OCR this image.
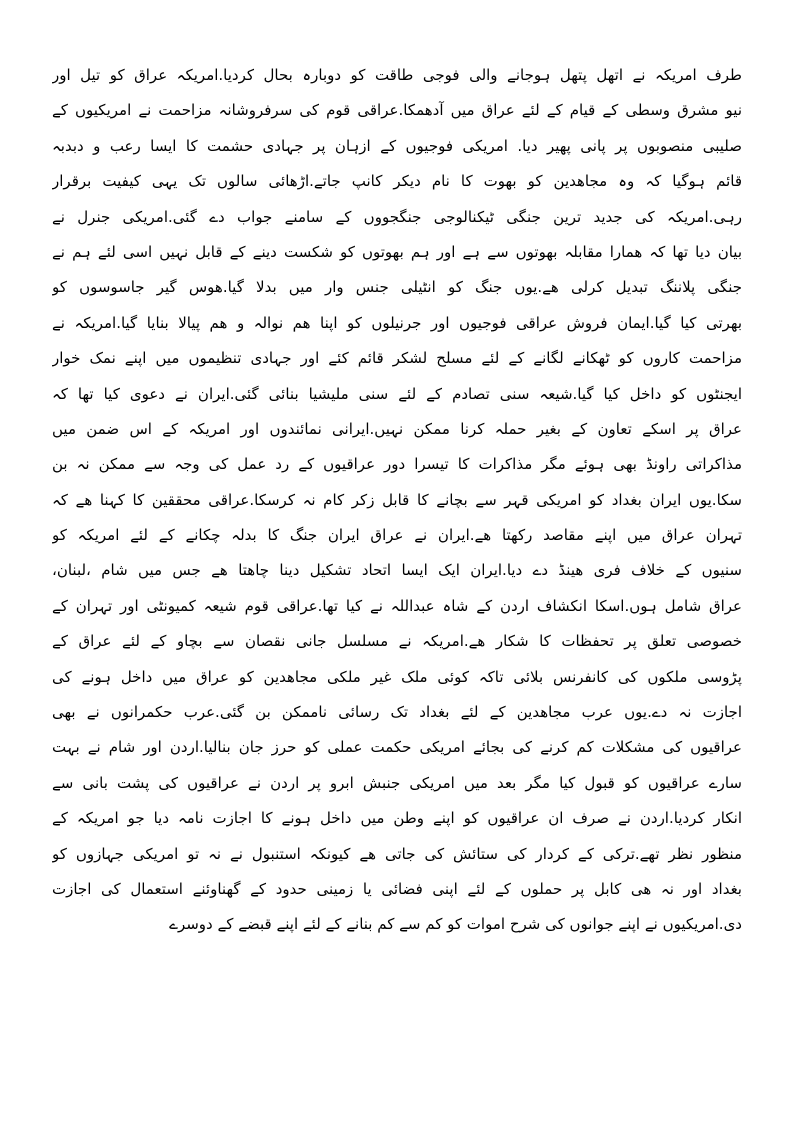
طرف امریکہ نے اتھل پتھل ہوجانے والی فوجی طاقت کو دوبارہ بحال کردیا.امریکہ عراق کو تیل اور

نیو مشرق وسطی کے قیام کے لئے عراق میں آدھمکا.عراقی قوم کی سرفروشانہ مزاحمت نے امریکیوں کے

صلیبی منصوبوں پر پانی پھیر دیا. امریکی فوجیوں کے ازہان پر جہادی حشمت کا ایسا رعب و دبدبہ

قائم ہوگیا کہ وہ مجاھدین کو بھوت کا نام دیکر کانپ جاتے.اڑھائی سالوں تک یہی کیفیت برقرار

رہی.امریکہ کی جدید ترین جنگی ٹیکنالوجی جنگجووں کے سامنے جواب دے گئی.امریکی جنرل نے

بیان دیا تھا کہ ھمارا مقابلہ بھوتوں سے ہے اور ہم بھوتوں کو شکست دینے کے قابل نہیں اسی لئے ہم نے

جنگی پلاننگ تبدیل کرلی ھے.یوں جنگ کو انٹیلی جنس وار میں بدلا گیا.ھوس گیر جاسوسوں کو

بھرتی کیا گیا.ایمان فروش عراقی فوجیوں اور جرنیلوں کو اپنا ھم نوالہ و ھم پیالا بنایا گیا.امریکہ نے

مزاحمت کاروں کو ٹھکانے لگانے کے لئے مسلح لشکر قائم کئے اور جہادی تنظیموں میں اپنے نمک خوار

ایجنٹوں کو داخل کیا گیا.شیعہ سنی تصادم کے لئے سنی ملیشیا بنائی گئی.ایران نے دعوی کیا تھا کہ

عراق پر اسکے تعاون کے بغیر حملہ کرنا ممکن نہیں.ایرانی نمائندوں اور امریکہ کے اس ضمن میں

مذاکراتی راونڈ بھی ہوئے مگر مذاکرات کا تیسرا دور عراقیوں کے رد عمل کی وجہ سے ممکن نہ بن

سکا.یوں ایران بغداد کو امریکی قہر سے بچانے کا قابل زکر کام نہ کرسکا.عراقی محققین کا کہنا ھے کہ

تہران عراق میں اپنے مقاصد رکھتا ھے.ایران نے عراق ایران جنگ کا بدلہ چکانے کے لئے امریکہ کو

سنیوں کے خلاف فری ھینڈ دے دیا.ایران ایک ایسا اتحاد تشکیل دینا چاھتا ھے جس میں شام ،لبنان،

عراق شامل ہوں.اسکا انکشاف اردن کے شاہ عبداللہ نے کیا تھا.عراقی قوم شیعہ کمیونٹی اور تہران کے

خصوصی تعلق پر تحفظات کا شکار ھے.امریکہ نے مسلسل جانی نقصان سے بچاو کے لئے عراق کے

پڑوسی ملکوں کی کانفرنس بلائی تاکہ کوئی ملک غیر ملکی مجاھدین کو عراق میں داخل ہونے کی

اجازت نہ دے.یوں عرب مجاھدین کے لئے بغداد تک رسائی ناممکن بن گئی.عرب حکمرانوں نے بھی

عراقیوں کی مشکلات کم کرنے کی بجائے امریکی حکمت عملی کو حرز جان بنالیا.اردن اور شام نے بہت

سارے عراقیوں کو قبول کیا مگر بعد میں امریکی جنبش ابرو پر اردن نے عراقیوں کی پشت بانی سے

انکار کردیا.اردن نے صرف ان عراقیوں کو اپنے وطن میں داخل ہونے کا اجازت نامہ دیا جو امریکہ کے

منظور نظر تھے.ترکی کے کردار کی ستائش کی جاتی ھے کیونکہ استنبول نے نہ تو امریکی جہازوں کو

بغداد اور نہ ھی کابل پر حملوں کے لئے اپنی فضائی یا زمینی حدود کے گھناوئنے استعمال کی اجازت

دی.امریکیوں نے اپنے جوانوں کی شرح اموات کو کم سے کم بنانے کے لئے اپنے قبضے کے دوسرے
